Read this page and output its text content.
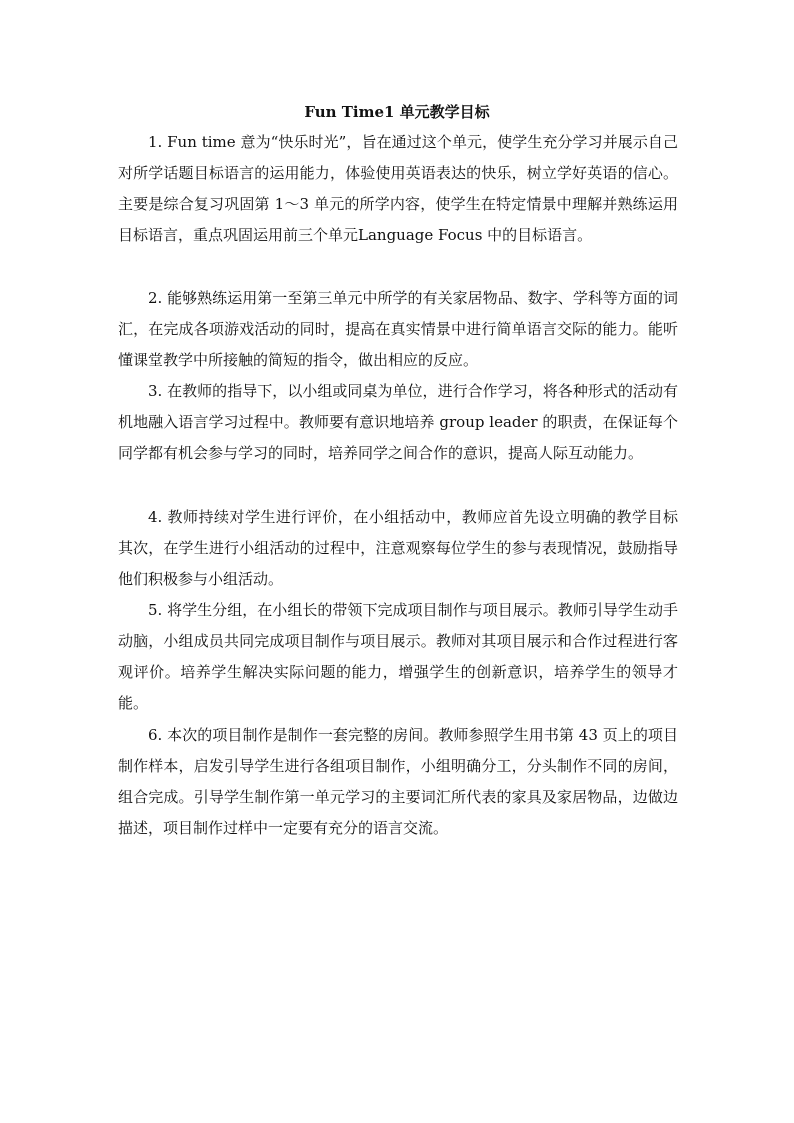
Fun Time1 单元教学目标

1. Fun time 意为“快乐时光”，旨在通过这个单元，使学生充分学习并展示自己对所学话题目标语言的运用能力，体验使用英语表达的快乐，树立学好英语的信心。主要是综合复习巩固第 1～3 单元的所学内容，使学生在特定情景中理解并熟练运用目标语言，重点巩固运用前三个单元Language Focus 中的目标语言。

2. 能够熟练运用第一至第三单元中所学的有关家居物品、数字、学科等方面的词汇，在完成各项游戏活动的同时，提高在真实情景中进行简单语言交际的能力。能听懂课堂教学中所接触的简短的指令，做出相应的反应。

3. 在教师的指导下，以小组或同桌为单位，进行合作学习，将各种形式的活动有机地融入语言学习过程中。教师要有意识地培养 group leader 的职责，在保证每个同学都有机会参与学习的同时，培养同学之间合作的意识，提高人际互动能力。

4. 教师持续对学生进行评价，在小组括动中，教师应首先设立明确的教学目标 其次，在学生进行小组活动的过程中，注意观察每位学生的参与表现情况，鼓励指导他们积极参与小组活动。

5. 将学生分组，在小组长的带领下完成项目制作与项目展示。教师引导学生动手动脑，小组成员共同完成项目制作与项目展示。教师对其项目展示和合作过程进行客观评价。培养学生解决实际问题的能力，增强学生的创新意识，培养学生的领导才能。

6. 本次的项目制作是制作一套完整的房间。教师参照学生用书第 43 页上的项目制作样本，启发引导学生进行各组项目制作，小组明确分工，分头制作不同的房间，组合完成。引导学生制作第一单元学习的主要词汇所代表的家具及家居物品，边做边描述，项目制作过样中一定要有充分的语言交流。
